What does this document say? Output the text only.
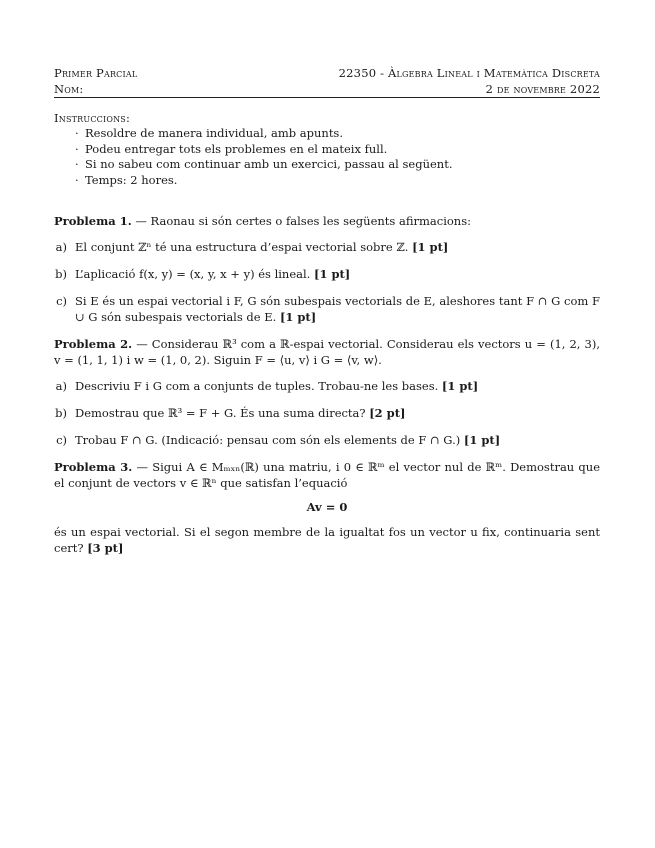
Primer Parcial	22350 - Àlgebra Lineal i Matemàtica Discreta
Nom:	2 de novembre 2022
Instruccions:
· Resoldre de manera individual, amb apunts.
· Podeu entregar tots els problemes en el mateix full.
· Si no sabeu com continuar amb un exercici, passau al següent.
· Temps: 2 hores.

Problema 1. — Raonau si són certes o falses les següents afirmacions:

a) El conjunt ℤⁿ té una estructura d’espai vectorial sobre ℤ. [1 pt]
b) L’aplicació f(x, y) = (x, y, x + y) és lineal. [1 pt]
c) Si E és un espai vectorial i F, G són subespais vectorials de E, aleshores tant F ∩ G com F ∪ G són subespais vectorials de E. [1 pt]

Problema 2. — Considerau ℝ³ com a ℝ-espai vectorial. Considerau els vectors u = (1, 2, 3), v = (1, 1, 1) i w = (1, 0, 2). Siguin F = ⟨u, v⟩ i G = ⟨v, w⟩.

a) Descriviu F i G com a conjunts de tuples. Trobau-ne les bases. [1 pt]
b) Demostrau que ℝ³ = F + G. És una suma directa? [2 pt]
c) Trobau F ∩ G. (Indicació: pensau com són els elements de F ∩ G.) [1 pt]

Problema 3. — Sigui A ∈ Mₘₓₙ(ℝ) una matriu, i 0 ∈ ℝᵐ el vector nul de ℝᵐ. Demostrau que el conjunt de vectors v ∈ ℝⁿ que satisfan l’equació

Av = 0

és un espai vectorial. Si el segon membre de la igualtat fos un vector u fix, continuaria sent cert? [3 pt]
